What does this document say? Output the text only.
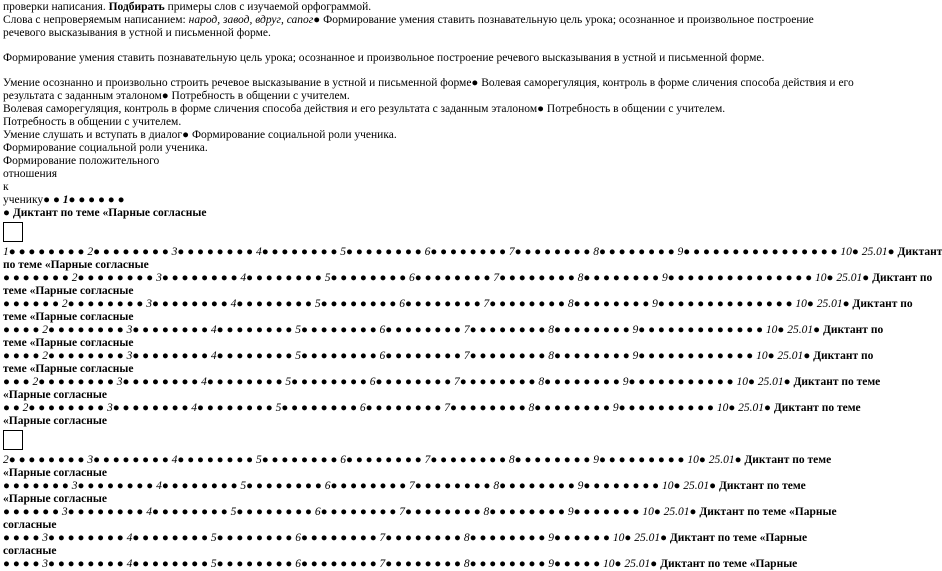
проверки написания. Подбирать примеры слов с изучаемой орфограммой.
Слова с непроверяемым написанием: народ, завод, вдруг, сапог● Формирование умения ставить познавательную цель урока; осознанное и произвольное построение
речевого высказывания в устной и письменной форме.
Формирование умения ставить познавательную цель урока; осознанное и произвольное построение речевого высказывания в устной и письменной форме.
Умение осознанно и произвольно строить речевое высказывание в устной и письменной форме● Волевая саморегуляция, контроль в форме сличения способа действия и его
результата с заданным эталоном● Потребность в общении с учителем.
Волевая саморегуляция, контроль в форме сличения способа действия и его результата с заданным эталоном● Потребность в общении с учителем.
Потребность в общении с учителем.
Умение слушать и вступать в диалог● Формирование социальной роли ученика.
Формирование социальной роли ученика.
Формирование положительного
отношения
к
ученику● ● 1● ● ● ● ● ●
● Диктант по теме «Парные согласные
1● ● ● ● ● ● ● ● 2● ● ● ● ● ● ● ● 3● ● ● ● ● ● ● ● 4● ● ● ● ● ● ● ● 5● ● ● ● ● ● ● ● 6● ● ● ● ● ● ● ● 7● ● ● ● ● ● ● ● 8● ● ● ● ● ● ● ● 9● ● ● ● ● ● ● ● ● ● ● ● ● ● ● ● 10● 25.01● Диктант
по теме «Парные согласные
● ● ● ● ● ● ● 2● ● ● ● ● ● ● ● 3● ● ● ● ● ● ● ● 4● ● ● ● ● ● ● ● 5● ● ● ● ● ● ● ● 6● ● ● ● ● ● ● ● 7● ● ● ● ● ● ● ● 8● ● ● ● ● ● ● ● 9● ● ● ● ● ● ● ● ● ● ● ● ● ● ● 10● 25.01● Диктант по
теме «Парные согласные
● ● ● ● ● ● 2● ● ● ● ● ● ● ● 3● ● ● ● ● ● ● ● 4● ● ● ● ● ● ● ● 5● ● ● ● ● ● ● ● 6● ● ● ● ● ● ● ● 7● ● ● ● ● ● ● ● 8● ● ● ● ● ● ● ● 9● ● ● ● ● ● ● ● ● ● ● ● ● ● 10● 25.01● Диктант по
теме «Парные согласные
● ● ● ● 2● ● ● ● ● ● ● ● 3● ● ● ● ● ● ● ● 4● ● ● ● ● ● ● ● 5● ● ● ● ● ● ● ● 6● ● ● ● ● ● ● ● 7● ● ● ● ● ● ● ● 8● ● ● ● ● ● ● ● 9● ● ● ● ● ● ● ● ● ● ● ● ● 10● 25.01● Диктант по
теме «Парные согласные
● ● ● ● 2● ● ● ● ● ● ● ● 3● ● ● ● ● ● ● ● 4● ● ● ● ● ● ● ● 5● ● ● ● ● ● ● ● 6● ● ● ● ● ● ● ● 7● ● ● ● ● ● ● ● 8● ● ● ● ● ● ● ● 9● ● ● ● ● ● ● ● ● ● ● ● 10● 25.01● Диктант по
теме «Парные согласные
● ● ● 2● ● ● ● ● ● ● ● 3● ● ● ● ● ● ● ● 4● ● ● ● ● ● ● ● 5● ● ● ● ● ● ● ● 6● ● ● ● ● ● ● ● 7● ● ● ● ● ● ● ● 8● ● ● ● ● ● ● ● 9● ● ● ● ● ● ● ● ● ● ● 10● 25.01● Диктант по теме
«Парные согласные
● ● 2● ● ● ● ● ● ● ● 3● ● ● ● ● ● ● ● 4● ● ● ● ● ● ● ● 5● ● ● ● ● ● ● ● 6● ● ● ● ● ● ● ● 7● ● ● ● ● ● ● ● 8● ● ● ● ● ● ● ● 9● ● ● ● ● ● ● ● ● ● 10● 25.01● Диктант по теме
«Парные согласные
2● ● ● ● ● ● ● ● 3● ● ● ● ● ● ● ● 4● ● ● ● ● ● ● ● 5● ● ● ● ● ● ● ● 6● ● ● ● ● ● ● ● 7● ● ● ● ● ● ● ● 8● ● ● ● ● ● ● ● 9● ● ● ● ● ● ● ● ● 10● 25.01● Диктант по теме
«Парные согласные
● ● ● ● ● ● ● 3● ● ● ● ● ● ● ● 4● ● ● ● ● ● ● ● 5● ● ● ● ● ● ● ● 6● ● ● ● ● ● ● ● 7● ● ● ● ● ● ● ● 8● ● ● ● ● ● ● ● 9● ● ● ● ● ● ● ● 10● 25.01● Диктант по теме
«Парные согласные
● ● ● ● ● ● 3● ● ● ● ● ● ● ● 4● ● ● ● ● ● ● ● 5● ● ● ● ● ● ● ● 6● ● ● ● ● ● ● ● 7● ● ● ● ● ● ● ● 8● ● ● ● ● ● ● ● 9● ● ● ● ● ● ● 10● 25.01● Диктант по теме «Парные
согласные
● ● ● ● 3● ● ● ● ● ● ● ● 4● ● ● ● ● ● ● ● 5● ● ● ● ● ● ● ● 6● ● ● ● ● ● ● ● 7● ● ● ● ● ● ● ● 8● ● ● ● ● ● ● ● 9● ● ● ● ● ● 10● 25.01● Диктант по теме «Парные
согласные
● ● ● ● 3● ● ● ● ● ● ● ● 4● ● ● ● ● ● ● ● 5● ● ● ● ● ● ● ● 6● ● ● ● ● ● ● ● 7● ● ● ● ● ● ● ● 8● ● ● ● ● ● ● ● 9● ● ● ● ● 10● 25.01● Диктант по теме «Парные
